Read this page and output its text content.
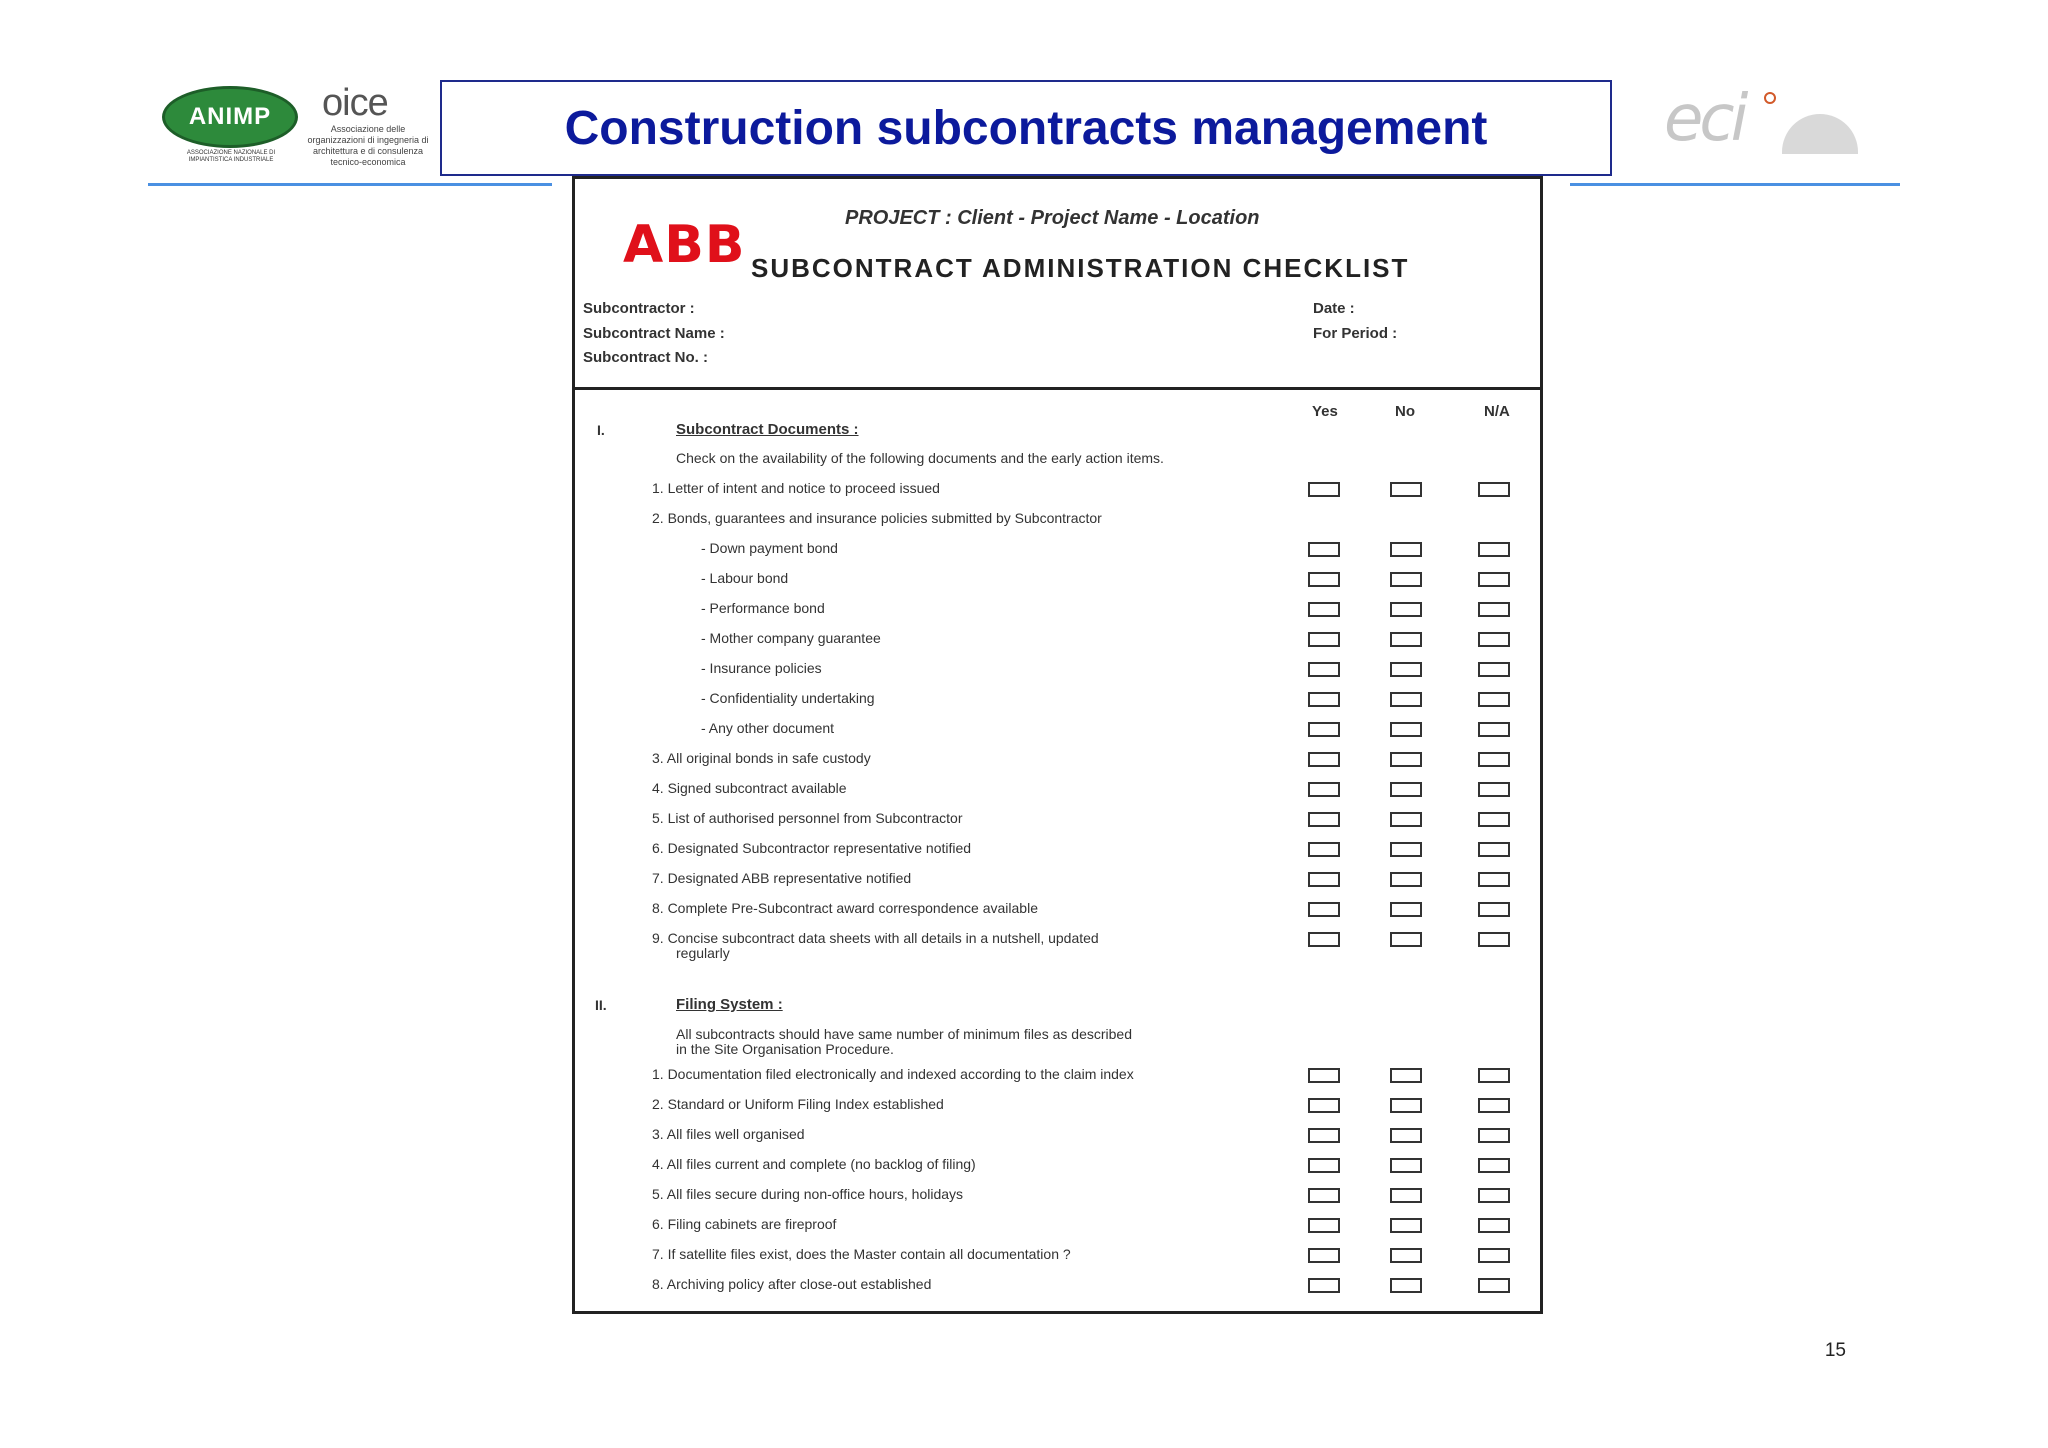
ANIMP
ASSOCIAZIONE NAZIONALE DI IMPIANTISTICA INDUSTRIALE
oice
Associazione delle organizzazioni di ingegneria di architettura e di consulenza tecnico-economica
Construction subcontracts management	eci
PROJECT : Client - Project Name - Location
ABB SUBCONTRACT ADMINISTRATION CHECKLIST
Subcontractor :
Subcontract Name :
Subcontract No. :
Date :
For Period :
Yes	No	N/A
I.	Subcontract Documents :
Check on the availability of the following documents and the early action items.
1. Letter of intent and notice to proceed issued
2. Bonds, guarantees and insurance policies submitted by Subcontractor
- Down payment bond
- Labour bond
- Performance bond
- Mother company guarantee
- Insurance policies
- Confidentiality undertaking
- Any other document
3. All original bonds in safe custody
4. Signed subcontract available
5. List of authorised personnel from Subcontractor
6. Designated Subcontractor representative notified
7. Designated ABB representative notified
8. Complete Pre-Subcontract award correspondence available
9. Concise subcontract data sheets with all details in a nutshell, updated
regularly
II.	Filing System :
All subcontracts should have same number of minimum files as described
in the Site Organisation Procedure.
1. Documentation filed electronically and indexed according to the claim index
2. Standard or Uniform Filing Index established
3. All files well organised
4. All files current and complete (no backlog of filing)
5. All files secure during non-office hours, holidays
6. Filing cabinets are fireproof
7. If satellite files exist, does the Master contain all documentation ?
8. Archiving policy after close-out established
15
